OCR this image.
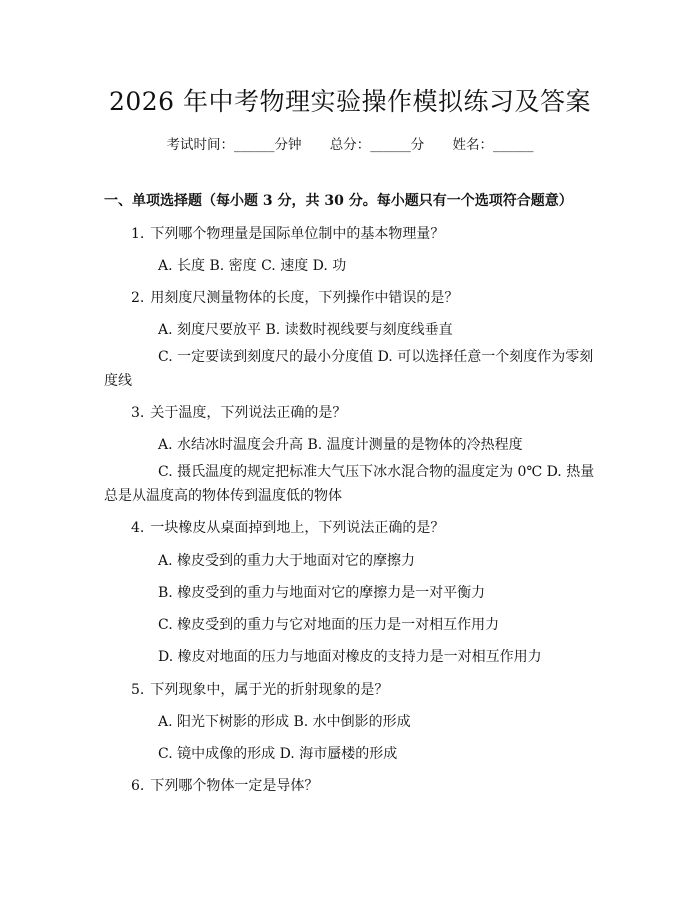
2026 年中考物理实验操作模拟练习及答案
考试时间：______分钟 总分：______分 姓名：______
一、单项选择题（每小题 3 分，共 30 分。每小题只有一个选项符合题意）
1. 下列哪个物理量是国际单位制中的基本物理量？
A. 长度 B. 密度 C. 速度 D. 功
2. 用刻度尺测量物体的长度，下列操作中错误的是？
A. 刻度尺要放平 B. 读数时视线要与刻度线垂直
C. 一定要读到刻度尺的最小分度值 D. 可以选择任意一个刻度作为零刻度线
3. 关于温度，下列说法正确的是？
A. 水结冰时温度会升高 B. 温度计测量的是物体的冷热程度
C. 摄氏温度的规定把标准大气压下冰水混合物的温度定为 0℃ D. 热量总是从温度高的物体传到温度低的物体
4. 一块橡皮从桌面掉到地上，下列说法正确的是？
A. 橡皮受到的重力大于地面对它的摩擦力
B. 橡皮受到的重力与地面对它的摩擦力是一对平衡力
C. 橡皮受到的重力与它对地面的压力是一对相互作用力
D. 橡皮对地面的压力与地面对橡皮的支持力是一对相互作用力
5. 下列现象中，属于光的折射现象的是？
A. 阳光下树影的形成 B. 水中倒影的形成
C. 镜中成像的形成 D. 海市蜃楼的形成
6. 下列哪个物体一定是导体？
